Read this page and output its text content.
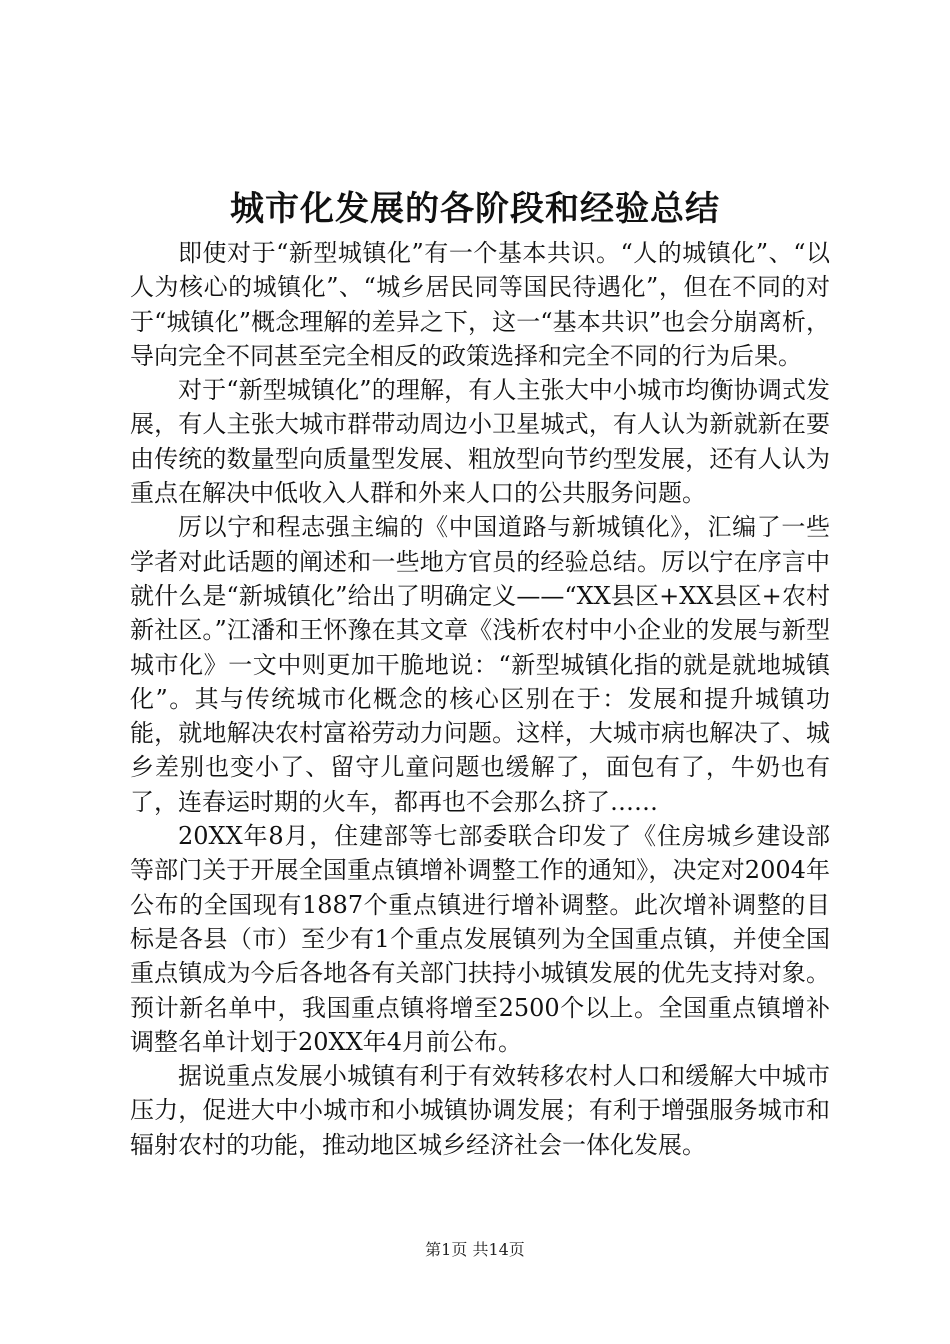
城市化发展的各阶段和经验总结

即使对于“新型城镇化”有一个基本共识。“人的城镇化”、“以人为核心的城镇化”、“城乡居民同等国民待遇化”，但在不同的对于“城镇化”概念理解的差异之下，这一“基本共识”也会分崩离析，导向完全不同甚至完全相反的政策选择和完全不同的行为后果。

对于“新型城镇化”的理解，有人主张大中小城市均衡协调式发展，有人主张大城市群带动周边小卫星城式，有人认为新就新在要由传统的数量型向质量型发展、粗放型向节约型发展，还有人认为重点在解决中低收入人群和外来人口的公共服务问题。

厉以宁和程志强主编的《中国道路与新城镇化》，汇编了一些学者对此话题的阐述和一些地方官员的经验总结。厉以宁在序言中就什么是“新城镇化”给出了明确定义——“XX县区+XX县区+农村新社区。”江潘和王怀豫在其文章《浅析农村中小企业的发展与新型城市化》一文中则更加干脆地说：“新型城镇化指的就是就地城镇化”。其与传统城市化概念的核心区别在于：发展和提升城镇功能，就地解决农村富裕劳动力问题。这样，大城市病也解决了、城乡差别也变小了、留守儿童问题也缓解了，面包有了，牛奶也有了，连春运时期的火车，都再也不会那么挤了……

20XX年8月，住建部等七部委联合印发了《住房城乡建设部等部门关于开展全国重点镇增补调整工作的通知》，决定对2004年公布的全国现有1887个重点镇进行增补调整。此次增补调整的目标是各县（市）至少有1个重点发展镇列为全国重点镇，并使全国重点镇成为今后各地各有关部门扶持小城镇发展的优先支持对象。预计新名单中，我国重点镇将增至2500个以上。全国重点镇增补调整名单计划于20XX年4月前公布。

据说重点发展小城镇有利于有效转移农村人口和缓解大中城市压力，促进大中小城市和小城镇协调发展；有利于增强服务城市和辐射农村的功能，推动地区城乡经济社会一体化发展。

第1页 共14页
